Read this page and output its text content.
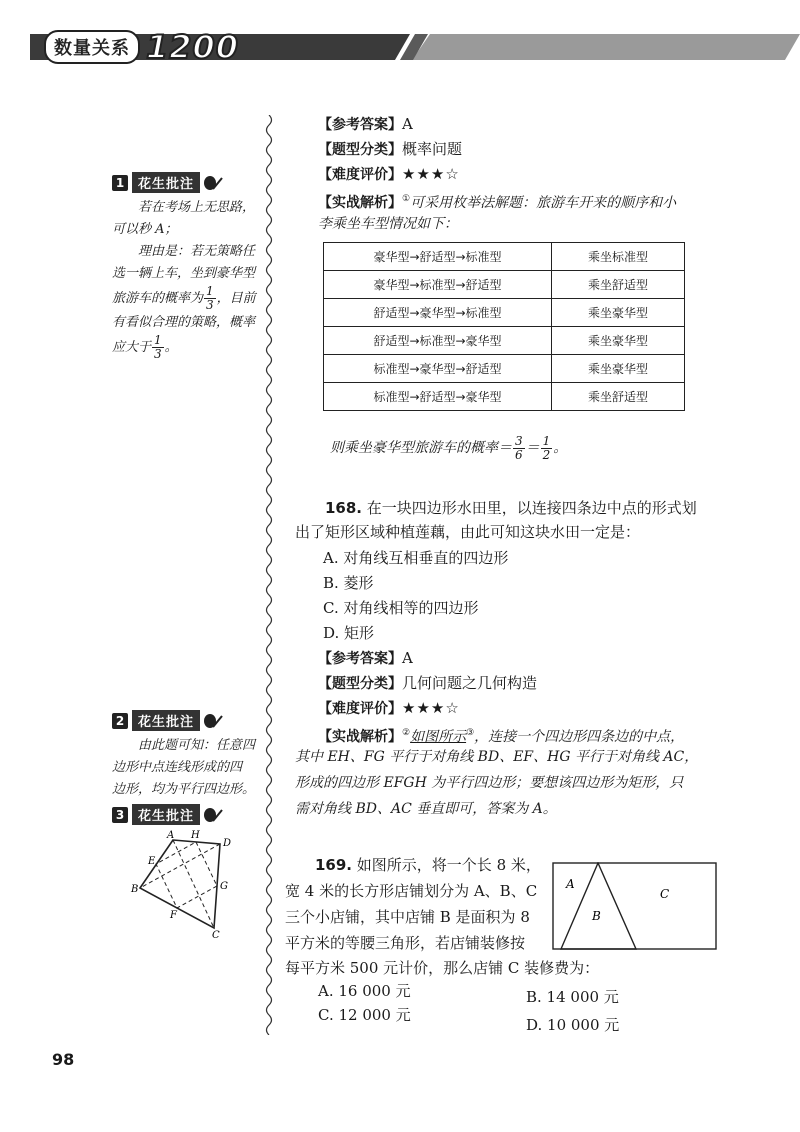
数量关系 1200
1	花生批注

若在考场上无思路，

可以秒 A；

理由是：若无策略任

选一辆上车，坐到豪华型

旅游车的概率为 $\frac{1}{3}$ ，目前

有看似合理的策略，概率

应大于 $\frac{1}{3}$ 。

2	花生批注

由此题可知：任意四

边形中点连线形成的四

边形，均为平行四边形。

3	花生批注
A H
D
E
B	G
F
C

【参考答案】A

【题型分类】概率问题

【难度评价】★★★☆

【实战解析】①可采用枚举法解题：旅游车开来的顺序和小

李乘坐车型情况如下：

豪华型→舒适型→标准型	乘坐标准型
豪华型→标准型→舒适型	乘坐舒适型
舒适型→豪华型→标准型	乘坐豪华型
舒适型→标准型→豪华型	乘坐豪华型
标准型→豪华型→舒适型	乘坐豪华型
标准型→舒适型→豪华型	乘坐舒适型

则乘坐豪华型旅游车的概率＝ $\frac{3}{6} = \frac{1}{2}$ 。

168. 在一块四边形水田里，以连接四条边中点的形式划

出了矩形区域种植莲藕，由此可知这块水田一定是：

A. 对角线互相垂直的四边形

B. 菱形

C. 对角线相等的四边形

D. 矩形

【参考答案】A

【题型分类】几何问题之几何构造

【难度评价】★★★☆

【实战解析】②如图所示③，连接一个四边形四条边的中点，

其中 EH、FG 平行于对角线 BD、EF、HG 平行于对角线 AC，

形成的四边形 EFGH 为平行四边形；要想该四边形为矩形，只

需对角线 BD、AC 垂直即可，答案为 A。

169. 如图所示，将一个长 8 米，

宽 4 米的长方形店铺划分为 A、B、C

三个小店铺，其中店铺 B 是面积为 8

平方米的等腰三角形，若店铺装修按

每平方米 500 元计价，那么店铺 C 装修费为：

A
B
C
A. 16 000 元	B. 14 000 元
C. 12 000 元
D. 10 000 元
98
